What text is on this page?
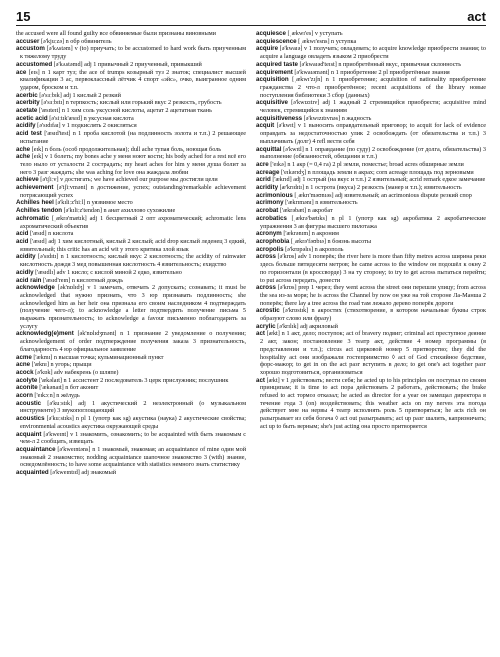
15	act

the accused were all found guilty все обвиняемые были признаны виновными

accuser [ə'kjuːzə] n обр обвинитель

accustom [ə'kʌstəm] v (to) приучать; to be accustomed to hard work быть приученным к тяжелому труду

accustomed [ə'kʌstəmd] adj 1 привычный 2 приученный, привыкший

ace [eɪs] n 1 карт туз; the ace of trumps козырный туз 2 знаток; специалист высшей квалификации 3 ас, первоклассный лётчик 4 спорт «эйс», очко, выигранное одним ударом, броском и т.п.

acerbic [ə'sɜːbɪk] adj 1 кислый 2 резкий

acerbity [ə'sɜːbɪtɪ] n терпкость; кислый или горький вкус 2 резкость, грубость

acetate ['æsɪteɪt] n 1 хим соль уксусной кислоты, ацетат 2 ацетатная ткань

acetic acid [ə'siːtɪk'æsɪd] n уксусная кислота

acidify [ə'sɪdɪfaɪ] v 1 подкислять 2 окисляться

acid test ['æsɪd'test] n 1 проба кислотой (на подлинность золота и т.п.) 2 решающее испытание

ache [eɪk] n боль (особ продолжительная); dull ache тупая боль, ноющая боль

ache [eɪk] v 1 болеть; my bones ache у меня ноют кости; his body ached for a rest всё его тело ныло от усталости 2 сострадать; my heart aches for him у меня душа болит за него 3 разг жаждать; she was aching for love она жаждала любви

achieve [ə'tʃiːv] v достигать; we have achieved our purpose мы достигли цели

achievement [ə'tʃiːvmənt] n достижение, успех; outstanding/remarkable achievement потрясающий успех

Achilles heel [ə'kɪliːz'hiːl] n уязвимое место

Achilles tendon [ə'kɪliːz'tendən] n анат ахиллово сухожилие

achromatic [ˌækrə'mætɪk] adj 1 бесцветный 2 опт ахроматический; achromatic lens ахроматический объектив

acid ['æsɪd] n кислота

acid ['æsɪd] adj 1 хим кислотный, кислый 2 кислый; acid drop кислый леденец 3 едкий, язвительный; this critic has an acid wit у этого критика злой язык

acidity [ə'sɪdɪtɪ] n 1 кислотность; кислый вкус 2 кислотность; the acidity of rainwater кислотность дождя 3 мед повышенная кислотность 4 язвительность; ехидство

acidly ['æsɪdlɪ] adv 1 кисло; с кислой миной 2 едко, язвительно

acid rain ['æsɪd'reɪn] n кислотный дождь

acknowledge [ək'nɒlɪdʒ] v 1 замечать, отвечать 2 допускать; сознавать; it must be acknowledged that нужно признать, что 3 юр признавать подлинность; she acknowledged him as her heir она признала его своим наследником 4 подтверждать (получение чего-л); to acknowledge a letter подтвердить получение письма 5 выражать признательность; to acknowledge a favour письменно поблагодарить за услугу

acknowledg(e)ment [ək'nɒlɪdʒmənt] n 1 признание 2 уведомление о получении; acknowledgement of order подтверждение получения заказа 3 признательность, благодарность 4 юр официальное заявление

acme ['ækmɪ] n высшая точка; кульминационный пункт

acne ['æknɪ] n угорь; прыщи

acock [ə'kɒk] adv набекрень (о шляпе)

acolyte ['ækəlaɪt] n 1 ассистент 2 последователь 3 церк прислужник; послушник

aconite ['ækənaɪt] n бот аконит

acorn ['eɪkɔːn] n жёлудь

acoustic [ə'kuːstɪk] adj 1 акустический 2 неэлектронный (о музыкальном инструменте) 3 звукопоглощающий

acoustics [ə'kuːstɪks] n pl 1 (употр как sg) акустика (наука) 2 акустические свойства; environmental acoustics акустика окружающей среды

acquaint [ə'kweɪnt] v 1 знакомить, ознакомить; to be acquainted with быть знакомым с чем-л 2 сообщать, извещать

acquaintance [ə'kweɪntəns] n 1 знакомый, знакомая; an acquaintance of mine один мой знакомый 2 знакомство; nodding acquaintance шапочное знакомство 3 (with) знание, осведомлённость; to have some acquaintance with statistics немного знать статистику

acquainted [ə'kweɪntɪd] adj знакомый

acquiesce [ˌækwɪ'es] v уступать

acquiescence [ˌækwɪ'esns] n уступка

acquire [ə'kwaɪə] v 1 получать; овладевать; to acquire knowledge приобрести знания; to acquire a language овладеть языком 2 приобрести

acquired taste [ə'kwaɪəd'teɪst] n приобретённый вкус, привычная склонность

acquirement [ə'kwaɪəmənt] n 1 приобретение 2 pl приобретённые знания

acquisition [ˌækwɪ'zɪʃn] n 1 приобретение; acquisition of nationality приобретение гражданства 2 что-л приобретённое; recent acquisitions of the library новые поступления библиотеки 3 сбор (данных)

acquisitive [ə'kwɪzɪtɪv] adj 1 жадный 2 стремящийся приобрести; acquisitive mind человек, стремящийся к знаниям

acquisitiveness [ə'kwɪzɪtɪvnəs] n жадность

acquit [ə'kwɪt] v 1 выносить оправдательный приговор; to acquit for lack of evidence оправдать за недостаточностью улик 2 освобождать (от обязательства и т.п.) 3 выплачивать (долг) 4 refl вести себя

acquittal [ə'kwɪtl] n 1 оправдание (по суду) 2 освобождение (от долга, обязательства) 3 выполнение (обязанностей, обещания и т.п.)

acre ['eɪkə] n 1 акр (= 0,4 га) 2 pl земли, поместье; broad acres обширные земли

acreage ['eɪkərɪdʒ] n площадь земли в акрах; corn acreage площадь под зерновыми

acrid ['ækrɪd] adj 1 острый (на вкус и т.п.) 2 язвительный; acrid remark едкое замечание

acridity [æ'krɪdɪtɪ] n 1 острота (вкуса) 2 резкость (манер и т.п.); язвительность

acrimonious [ˌækrɪ'məʊnɪəs] adj язвительный; an acrimonious dispute резкий спор

acrimony ['ækrɪmənɪ] n язвительность

acrobat ['ækrəbæt] n акробат

acrobatics [ˌækrə'bætɪks] n pl 1 (употр как sg) акробатика 2 акробатические упражнения 3 ав фигуры высшего пилотажа

acronym ['ækrənɪm] n акроним

acrophobia [ˌækrə'fəʊbɪə] n боязнь высоты

acropolis [ə'krɒpəlɪs] n акрополь

across [ə'krɒs] adv 1 поперёк; the river here is more than fifty metres across ширина реки здесь больше пятидесяти метров; he came across to the window он подошёл к окну 2 по горизонтали (в кроссворде) 3 на ту сторону; to try to get across пытаться перейти; to put across передать, донести

across [ə'krɒs] prep 1 через; they went across the street они перешли улицу; from across the sea из-за моря; he is across the Channel by now он уже на той стороне Ла-Манша 2 поперёк; there lay a tree across the road там лежало дерево поперёк дороги

acrostic [ə'krɒstɪk] n акростих (стихотворение, в котором начальные буквы строк образуют слово или фразу)

acrylic [ə'krɪlɪk] adj акриловый

act [ækt] n 1 акт, дело; поступок; act of bravery подвиг; criminal act преступное деяние 2 акт, закон; постановление 3 театр акт, действие 4 номер программы (в представлении и т.п.); circus act цирковой номер 5 притворство; they did the hospitality act они изображали гостеприимство ◊ act of God стихийное бедствие, форс-мажор; to get in on the act разг вступить в дело; to get one's act together разг хорошо подготовиться, организоваться

act [ækt] v 1 действовать; вести себя; he acted up to his principles он поступал по своим принципам; it is time to act пора действовать 2 работать, действовать; the brake refused to act тормоз отказал; he acted as director for a year он замещал директора в течение года 3 (on) воздействовать; this weather acts on my nerves эта погода действует мне на нервы 4 театр исполнять роль 5 притворяться; he acts rich он разыгрывает из себя богача ◊ act out разыгрывать; act up разг шалить, капризничать; act up to быть верным; she's just acting она просто притворяется
